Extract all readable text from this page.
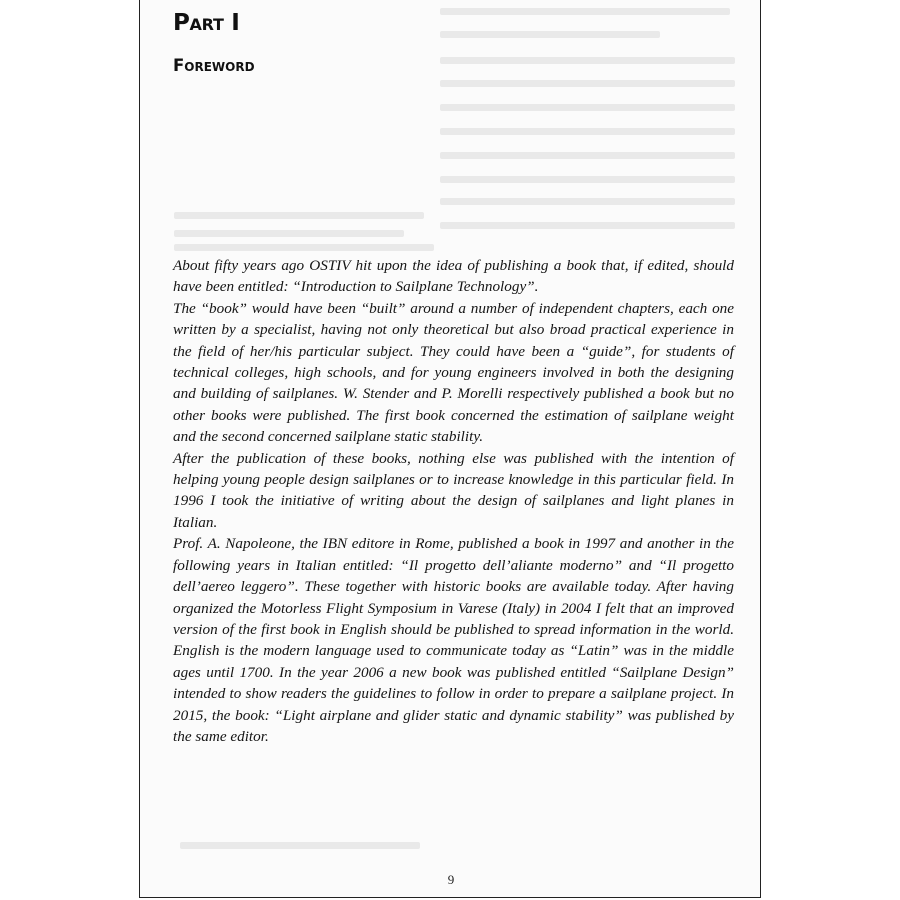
Part I
Foreword

About fifty years ago OSTIV hit upon the idea of publishing a book that, if edited, should have been entitled: “Introduction to Sailplane Technology”.

The “book” would have been “built” around a number of independent chapters, each one written by a specialist, having not only theoretical but also broad practical experience in the field of her/his particular subject. They could have been a “guide”, for students of technical colleges, high schools, and for young engineers involved in both the designing and building of sailplanes. W. Stender and P. Morelli respectively published a book but no other books were published. The first book concerned the estimation of sailplane weight and the second concerned sailplane static stability.

After the publication of these books, nothing else was published with the intention of helping young people design sailplanes or to increase knowledge in this particular field. In 1996 I took the initiative of writing about the design of sailplanes and light planes in Italian.

Prof. A. Napoleone, the IBN editore in Rome, published a book in 1997 and another in the following years in Italian entitled: “Il progetto dell’aliante moderno” and “Il progetto dell’aereo leggero”. These together with historic books are available today. After having organized the Motorless Flight Symposium in Varese (Italy) in 2004 I felt that an improved version of the first book in English should be published to spread information in the world. English is the modern language used to communicate today as “Latin” was in the middle ages until 1700. In the year 2006 a new book was published entitled “Sailplane Design” intended to show readers the guidelines to follow in order to prepare a sailplane project. In 2015, the book: “Light airplane and glider static and dynamic stability” was published by the same editor.

9
